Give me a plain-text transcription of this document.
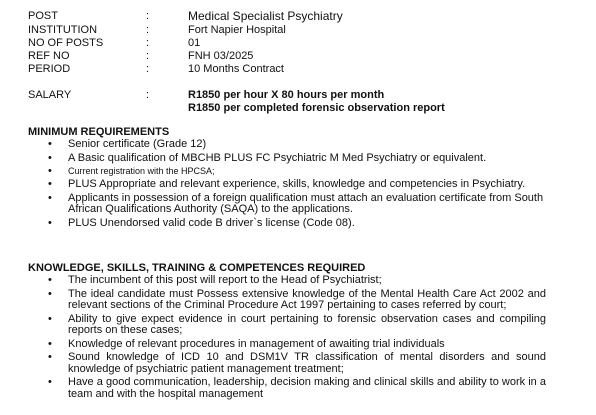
POST	:	Medical Specialist Psychiatry
INSTITUTION	:	Fort Napier Hospital
NO OF POSTS	:	01
REF NO	:	FNH 03/2025
PERIOD	:	10 Months Contract
SALARY	:	R1850 per hour X 80 hours per month
R1850 per completed forensic observation report
MINIMUM REQUIREMENTS
• Senior certificate (Grade 12)
• A Basic qualification of MBCHB PLUS FC Psychiatric M Med Psychiatry or equivalent.
• Current registration with the HPCSA;
• PLUS Appropriate and relevant experience, skills, knowledge and competencies in Psychiatry.
• Applicants in possession of a foreign qualification must attach an evaluation certificate from South African Qualifications Authority (SAQA) to the applications.
• PLUS Unendorsed valid code B driver`s license (Code 08).
KNOWLEDGE, SKILLS, TRAINING & COMPETENCES REQUIRED
• The incumbent of this post will report to the Head of Psychiatrist;
• The ideal candidate must Possess extensive knowledge of the Mental Health Care Act 2002 and relevant sections of the Criminal Procedure Act 1997 pertaining to cases referred by court;
• Ability to give expect evidence in court pertaining to forensic observation cases and compiling reports on these cases;
• Knowledge of relevant procedures in management of awaiting trial individuals
• Sound knowledge of ICD 10 and DSM1V TR classification of mental disorders and sound knowledge of psychiatric patient management treatment;
• Have a good communication, leadership, decision making and clinical skills and ability to work in a team and with the hospital management
